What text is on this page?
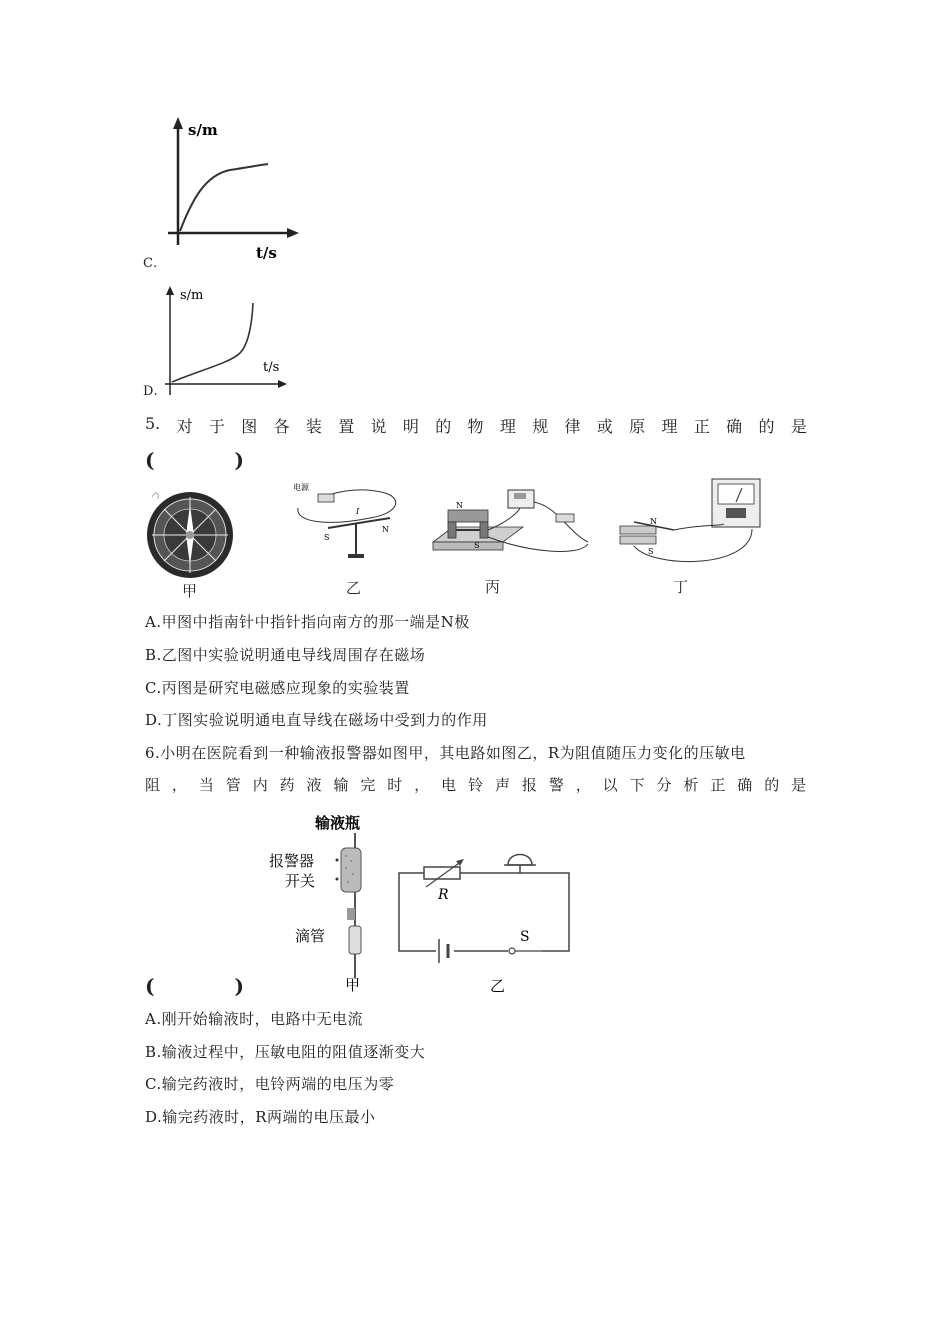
s/m
t/s
C.
s/m
t/s
D.
5. 对 于 图 各 装 置 说 明 的 物 理 规 律 或 原 理 正 确 的 是
(　　　　)
甲
电源
S
N
I
乙
N
S
丙
N
S
丁
A.甲图中指南针中指针指向南方的那一端是N极
B.乙图中实验说明通电导线周围存在磁场
C.丙图是研究电磁感应现象的实验装置
D.丁图实验说明通电直导线在磁场中受到力的作用
6.小明在医院看到一种输液报警器如图甲，其电路如图乙，R为阻值随压力变化的压敏电
阻 ， 当 管 内 药 液 输 完 时 ， 电 铃 声 报 警 ， 以 下 分 析 正 确 的 是
输液瓶
报警器
开关
滴管
甲
(　　　　)
R
S
乙
A.刚开始输液时，电路中无电流
B.输液过程中，压敏电阻的阻值逐渐变大
C.输完药液时，电铃两端的电压为零
D.输完药液时，R两端的电压最小
